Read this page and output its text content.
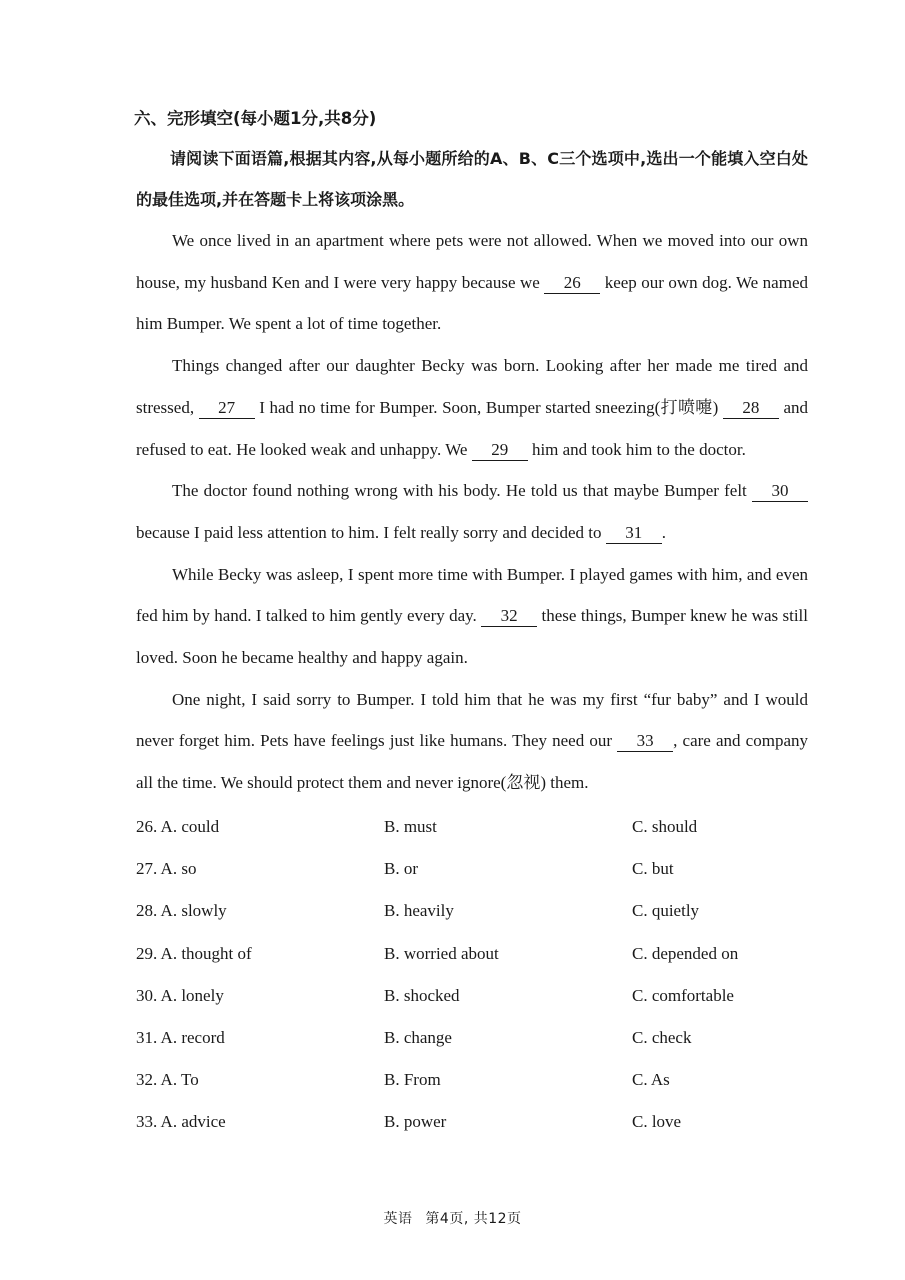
六、完形填空(每小题1分,共8分)

请阅读下面语篇,根据其内容,从每小题所给的A、B、C三个选项中,选出一个能填入空白处的最佳选项,并在答题卡上将该项涂黑。

We once lived in an apartment where pets were not allowed. When we moved into our own house, my husband Ken and I were very happy because we 26 keep our own dog. We named him Bumper. We spent a lot of time together.

Things changed after our daughter Becky was born. Looking after her made me tired and stressed, 27 I had no time for Bumper. Soon, Bumper started sneezing(打喷嚏) 28 and refused to eat. He looked weak and unhappy. We 29 him and took him to the doctor.

The doctor found nothing wrong with his body. He told us that maybe Bumper felt 30 because I paid less attention to him. I felt really sorry and decided to 31 .

While Becky was asleep, I spent more time with Bumper. I played games with him, and even fed him by hand. I talked to him gently every day. 32 these things, Bumper knew he was still loved. Soon he became healthy and happy again.

One night, I said sorry to Bumper. I told him that he was my first “fur baby” and I would never forget him. Pets have feelings just like humans. They need our 33 , care and company all the time. We should protect them and never ignore(忽视) them.

26. A. could	B. must	C. should
27. A. so	B. or	C. but
28. A. slowly	B. heavily	C. quietly
29. A. thought of	B. worried about	C. depended on
30. A. lonely	B. shocked	C. comfortable
31. A. record	B. change	C. check
32. A. To	B. From	C. As
33. A. advice	B. power	C. love
英语 第4页, 共12页
